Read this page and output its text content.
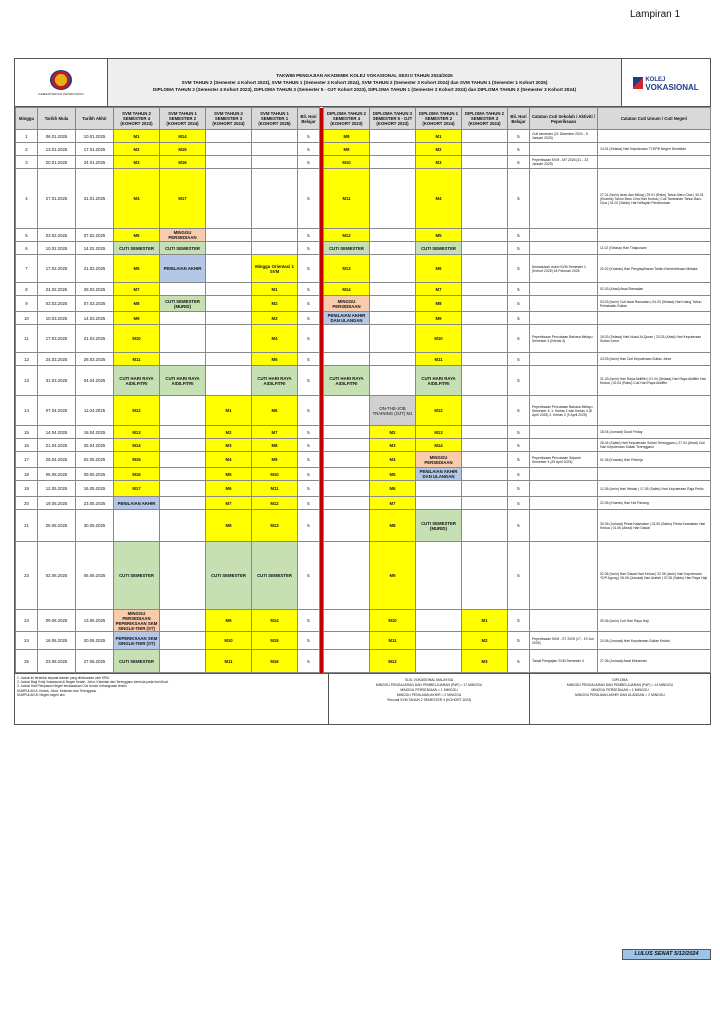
Lampiran 1
KEMENTERIAN PENDIDIKAN
TAKWIM PENGAJIAN AKADEMIK KOLEJ VOKASIONAL SESI II TAHUN 2024/2025
SVM TAHUN 2 (Semester 4 Kohort 2023), SVM TAHUN 1 (Semester 2 Kohort 2024), SVM TAHUN 2 (Semester 3 Kohort 2024) dan SVM TAHUN 1 (Semester 1 Kohort 2025)
DIPLOMA TAHUN 2 (Semester 4 Kohort 2023), DIPLOMA TAHUN 3 (Semester 5 - OJT Kohort 2023), DIPLOMA TAHUN 1 (Semester 2 Kohort 2024) dan DIPLOMA TAHUN 2 (Semester 3 Kohort 2024)
KOLEJ
VOKASIONAL
Minggu	Tarikh Mula	Tarikh Akhir	SVM TAHUN 2 SEMESTER 4 (KOHORT 2023)	SVM TAHUN 1 SEMESTER 2 (KOHORT 2024)	SVM TAHUN 2 SEMESTER 3 (KOHORT 2024)	SVM TAHUN 1 SEMESTER 1 (KOHORT 2025)	Bil. Hari Belajar		DIPLOMA TAHUN 2 SEMESTER 4 (KOHORT 2023)	DIPLOMA TAHUN 3 SEMESTER 5 - OJT (KOHORT 2023)	DIPLOMA TAHUN 1 SEMESTER 2 (KOHORT 2024)	DIPLOMA TAHUN 2 SEMESTER 3 (KOHORT 2024)	Bil. Hari Belajar	Catatan Cuti Sekolah / Aktiviti / Peperiksaan	Catatan Cuti Umum / Cuti Negeri
1	06.01.2025	10.01.2025	M1	M14			5		M8		M1		5	Cuti semester (21 Disember 2024 - 5 Januari 2025)	
2	13.01.2025	17.01.2025	M2	M15			5		M9		M2		5		14.01 (Selasa) Hari Keputeraan TYDPB Negeri Sembilan
3	20.01.2025	24.01.2025	M3	M16			5		M10		M3		5	Peperiksaan SVM - MT 2025 (21 - 23 Januari 2025)	
4	27.01.2025	31.01.2025	M4	M17			5		M11		M4		5		27.01 (Isnin) Israk dan Mikraj | 29.01 (Rabu) Tahun Baru Cina | 30.01 (Khamis) Tahun Baru Cina Hari Kedua | Cuti Tambahan Tahun Baru Cina | 01.02 (Sabtu) Hari Wilayah Persekutuan
5	03.02.2025	07.02.2025	M5	MINGGU PERSEDIAAN			5		M12		M5		5		
6	10.02.2025	14.02.2025	CUTI SEMESTER	CUTI SEMESTER			5		CUTI SEMESTER		CUTI SEMESTER		5		11.02 (Selasa) Hari Thaipusam
7	17.02.2025	21.02.2025	M6	PENILAIAN AKHIR		Minggu Orientasi 1 SVM	5		M13		M6		5	Kemasukan murid SVM Semester 1 (Kohort 2025) 18 Februari 2025	20.02 (Khamis) Hari Pengisytiharan Tarikh Kemerdekaan Melaka
8	24.02.2025	28.02.2025	M7			M1	5		M14		M7		5		02.03 (Ahad) Awal Ramadan
9	03.03.2025	07.03.2025	M8	CUTI SEMESTER (MURID)		M2	5		MINGGU PERSEDIAAN		M8		5		03.03 (Isnin) Cuti Awal Ramadan | 04.03 (Selasa) Hari Ulang Tahun Pertabalan Sultan
10	10.03.2025	14.03.2025	M9			M3	5		PENILAIAN AKHIR DAN ULANGAN		M9		5		
11	17.03.2025	21.03.2025	M10			M4	5				M10		5	Peperiksaan Percubaan Bahasa Melayu Semester 4 (Kertas 3)	18.03 (Selasa) Hari Nuzul Al-Quran | 23.03 (Ahad) Hari Keputeraan Sultan Johor
12	24.03.2025	28.03.2025	M11			M5	5				M11		5		24.03 (Isnin) Hari Cuti Keputeraan Sultan Johor
13	31.03.2025	04.04.2025	CUTI HARI RAYA AIDILFITRI	CUTI HARI RAYA AIDILFITRI		CUTI HARI RAYA AIDILFITRI	5		CUTI HARI RAYA AIDILFITRI		CUTI HARI RAYA AIDILFITRI		5		31.03 (Isnin) Hari Raya Aidilfitri | 01.04 (Selasa) Hari Raya Aidilfitri Hari Kedua | 02.04 (Rabu) Cuti Hari Raya Aidilfitri
14	07.04.2025	11.04.2025	M12		M1	M6	5			ON-THE-JOB TRAINING (OJT) M1	M12		5	Peperiksaan Percubaan Bahasa Melayu Semester 4: 1. Kertas 1 dan Kertas 4 (8 April 2025) 2. Kertas 2 (9 April 2025)	
15	14.04.2025	18.04.2025	M13		M2	M7	5			M2	M13		5		18.04 (Jumaat) Good Friday
16	21.04.2025	25.04.2025	M14		M3	M8	5			M3	M14		5		26.04 (Sabtu) Hari Keputeraan Sultan Terengganu | 27.04 (Ahad) Cuti Hari Keputeraan Sultan Terengganu
17	28.04.2025	02.05.2025	M15		M4	M9	5			M4	MINGGU PERSEDIAAN		5	Peperiksaan Percubaan Sejarah Semester 4 (29 April 2025)	01.05 (Khamis) Hari Pekerja
18	05.05.2025	09.05.2025	M16		M5	M10	5			M5	PENILAIAN AKHIR DAN ULANGAN		5		
19	12.05.2025	16.05.2025	M17		M6	M11	5			M6			5		12.05 (Isnin) Hari Wesak | 17.05 (Sabtu) Hari Keputeraan Raja Perlis
20	19.05.2025	23.05.2025	PENILAIAN AKHIR		M7	M12	5			M7			5		22.05 (Khamis) Hari Hol Pahang
21	26.05.2025	30.05.2025			M8	M13	5			M8	CUTI SEMESTER (MURID)		5		30.05 (Jumaat) Pesta Kaamatan | 31.05 (Sabtu) Pesta Kaamatan Hari Kedua | 01.06 (Ahad) Hari Gawai
22	02.06.2025	06.06.2025	CUTI SEMESTER		CUTI SEMESTER	CUTI SEMESTER	5			M9			5		02.06 (Isnin) Hari Gawai Hari Kedua | 02.06 (Isnin) Hari Keputeraan YDP Agong | 06.06 (Jumaat) Hari Arafah | 07.06 (Sabtu) Hari Raya Haji
23	09.06.2025	13.06.2025	MINGGU PERSEDIAAN PEPERIKSAAN SKM SINGLE-TIER (ST)		M9	M14	5			M10		M1	5		09.06 (Isnin) Cuti Hari Raya Haji
24	16.06.2025	20.06.2025	PEPERIKSAAN SKM SINGLE-TIER (ST)		M10	M15	5			M11		M2	5	Peperiksaan SKM - ST 2025 (17 - 19 Jun 2025)	20.06 (Jumaat) Hari Keputeraan Sultan Kedah
25	23.06.2025	27.06.2025	CUTI SEMESTER		M11	M16	5			M12		M3	5	Tamat Pengajian SVM Semester 4	27.06 (Jumaat) Awal Muharram
1. Jadual ini tertakluk kepada takwim yang dikeluarkan oleh KPM.
2. Jadual Bagi Kolej Vokasional di Negeri Kedah, Johor, Kelantan dan Terengganu bermula pada hari Ahad.
3. Jadual Hari Pelepasan Negeri berdasarkan Cuti Umum Kebangsaan terkini.
KUMPULAN A: Kedah, Johor, Kelantan dan Terengganu
KUMPULAN B: Negeri-negeri lain
SIJIL VOKASIONAL MALAYSIA
MINGGU PENGAJARAN DAN PEMBELAJARAN (PdP) = 17 MINGGU
MINGGU PERSEDIAAN = 1 MINGGU
MINGGU PENILAIAN AKHIR = 2 MINGGU
*Kecuali SVM TAHUN 2 SEMESTER 4 (KOHORT 2023)
DIPLOMA
MINGGU PENGAJARAN DAN PEMBELAJARAN (PdP) = 14 MINGGU
MINGGU PERSEDIAAN = 1 MINGGU
MINGGU PENILAIAN AKHIR DAN ULANGAN = 2 MINGGU
LULUS SENAT 5/12/2024
